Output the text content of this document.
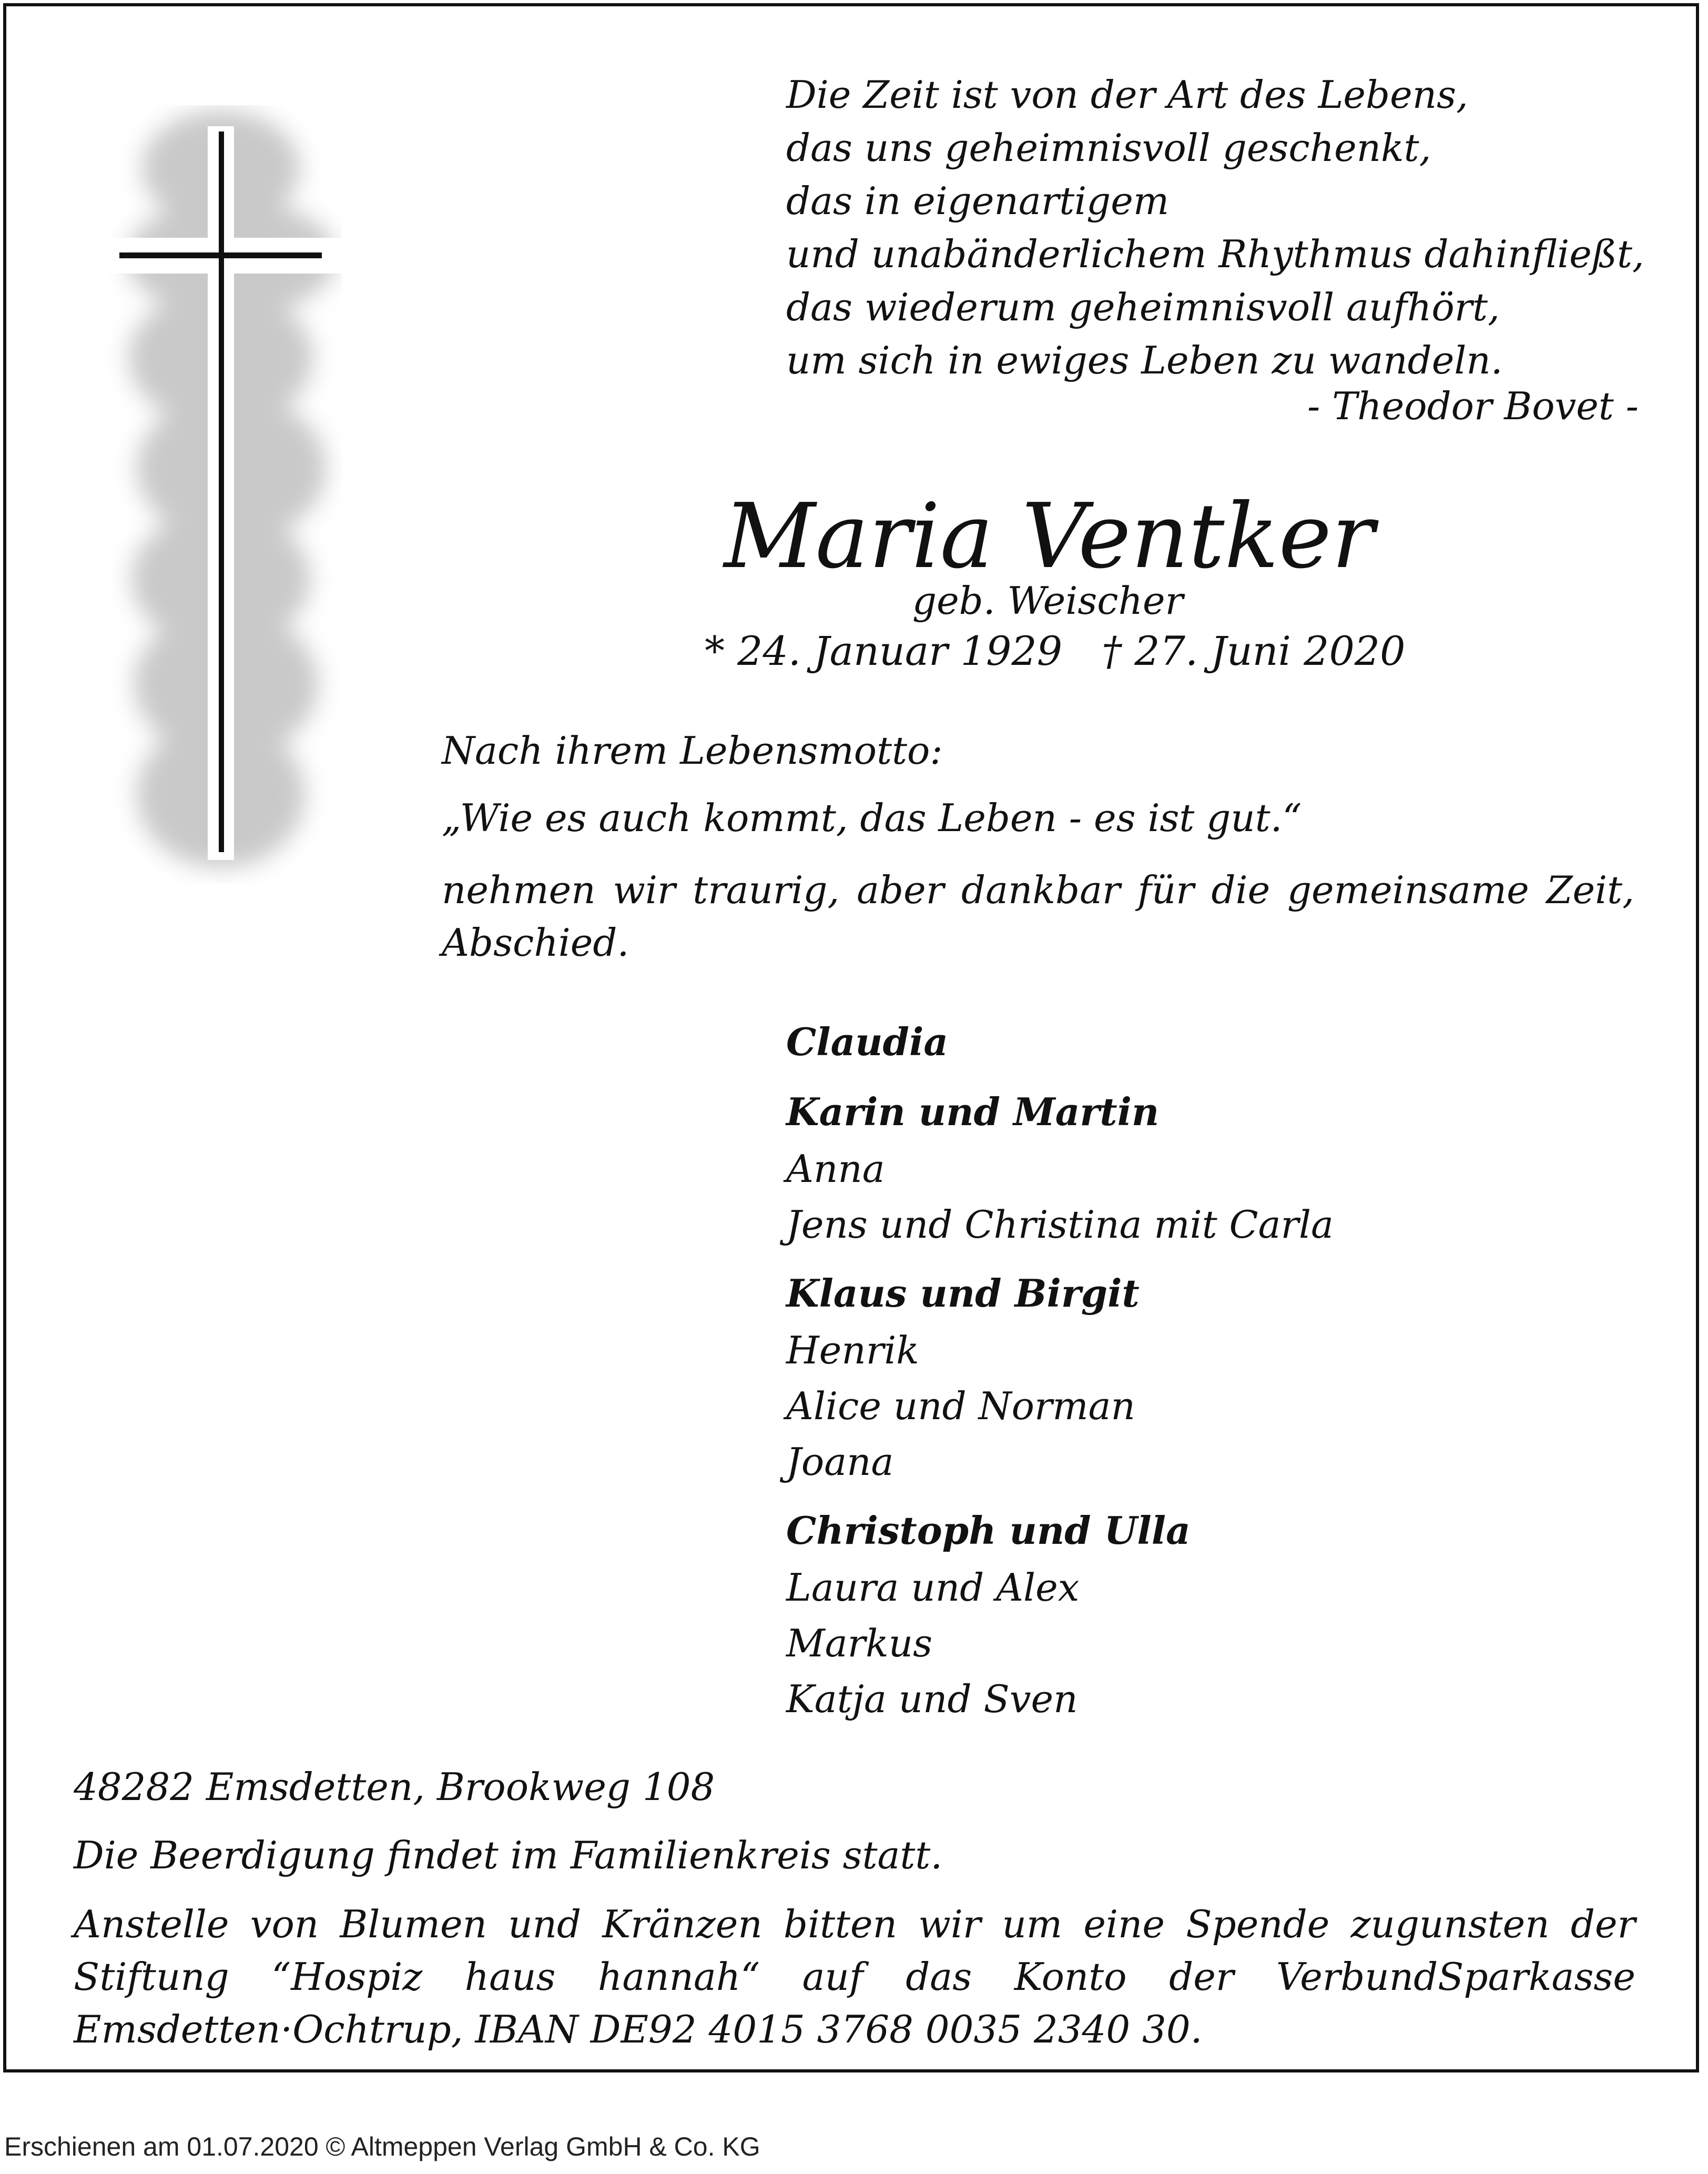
Die Zeit ist von der Art des Lebens,
das uns geheimnisvoll geschenkt,
das in eigenartigem
und unabänderlichem Rhythmus dahinfließt,
das wiederum geheimnisvoll aufhört,
um sich in ewiges Leben zu wandeln.
- Theodor Bovet -
Maria Ventker
geb. Weischer
* 24. Januar 1929 † 27. Juni 2020
Nach ihrem Lebensmotto:
„Wie es auch kommt, das Leben - es ist gut.“
nehmen wir traurig, aber dankbar für die gemeinsame Zeit, Abschied.
Claudia
Karin und Martin
Anna
Jens und Christina mit Carla
Klaus und Birgit
Henrik
Alice und Norman
Joana
Christoph und Ulla
Laura und Alex
Markus
Katja und Sven
48282 Emsdetten, Brookweg 108
Die Beerdigung findet im Familienkreis statt.
Anstelle von Blumen und Kränzen bitten wir um eine Spende zugunsten der Stiftung “Hospiz haus hannah“ auf das Konto der VerbundSparkasse Emsdetten·Ochtrup, IBAN DE92 4015 3768 0035 2340 30.
Erschienen am 01.07.2020 © Altmeppen Verlag GmbH & Co. KG
